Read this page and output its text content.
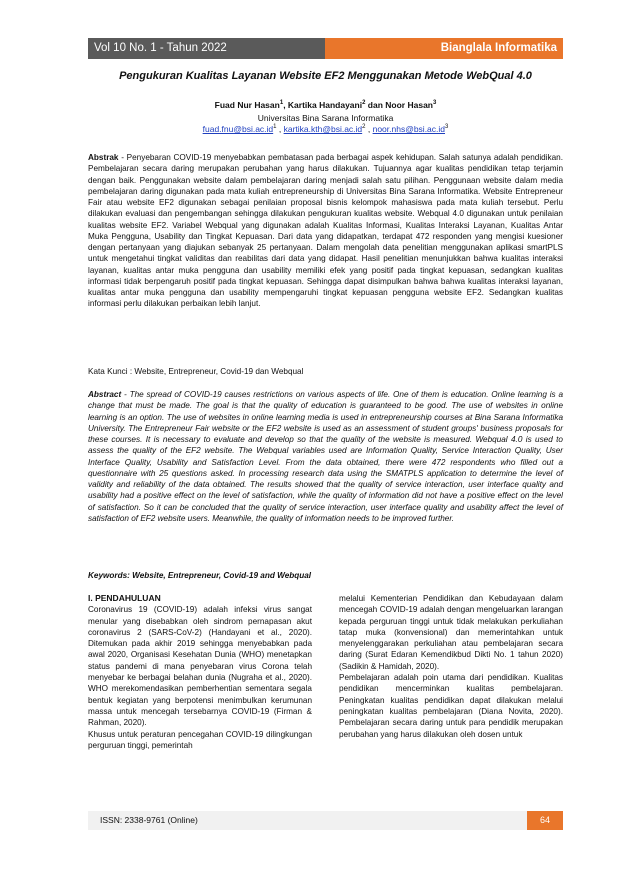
Vol 10 No. 1 - Tahun 2022	Bianglala Informatika
Pengukuran Kualitas Layanan Website EF2 Menggunakan Metode WebQual 4.0
Fuad Nur Hasan$^1$, Kartika Handayani$^2$ dan Noor Hasan$^3$
Universitas Bina Sarana Informatika
$fuad.fnu@bsi.ac.id^1$ , $kartika.kth@bsi.ac.id^2$ , $noor.nhs@bsi.ac.id^3$
Abstrak - Penyebaran COVID-19 menyebabkan pembatasan pada berbagai aspek kehidupan. Salah satunya adalah pendidikan. Pembelajaran secara daring merupakan perubahan yang harus dilakukan. Tujuannya agar kualitas pendidikan tetap terjamin dengan baik. Penggunakan website dalam pembelajaran daring menjadi salah satu pilihan. Penggunaan website dalam media pembelajaran daring digunakan pada mata kuliah entrepreneurship di Universitas Bina Sarana Informatika. Website Entrepreneur Fair atau website EF2 digunakan sebagai penilaian proposal bisnis kelompok mahasiswa pada mata kuliah tersebut. Perlu dilakukan evaluasi dan pengembangan sehingga dilakukan pengukuran kualitas website. Webqual 4.0 digunakan untuk penilaian kualitas website EF2. Variabel Webqual yang digunakan adalah Kualitas Informasi, Kualitas Interaksi Layanan, Kualitas Antar Muka Pengguna, Usability dan Tingkat Kepuasan. Dari data yang didapatkan, terdapat 472 responden yang mengisi kuesioner dengan pertanyaan yang diajukan sebanyak 25 pertanyaan. Dalam mengolah data penelitian menggunakan aplikasi smartPLS untuk mengetahui tingkat validitas dan reabilitas dari data yang didapat. Hasil penelitian menunjukkan bahwa kualitas interaksi layanan, kualitas antar muka pengguna dan usability memiliki efek yang positif pada tingkat kepuasan, sedangkan kualitas informasi tidak berpengaruh positif pada tingkat kepuasan. Sehingga dapat disimpulkan bahwa bahwa kualitas interaksi layanan, kualitas antar muka pengguna dan usability mempengaruhi tingkat kepuasan pengguna website EF2. Sedangkan kualitas informasi perlu dilakukan perbaikan lebih lanjut.
Kata Kunci : Website, Entrepreneur, Covid-19 dan Webqual
Abstract - The spread of COVID-19 causes restrictions on various aspects of life. One of them is education. Online learning is a change that must be made. The goal is that the quality of education is guaranteed to be good. The use of websites in online learning is an option. The use of websites in online learning media is used in entrepreneurship courses at Bina Sarana Informatika University. The Entrepreneur Fair website or the EF2 website is used as an assessment of student groups' business proposals for these courses. It is necessary to evaluate and develop so that the quality of the website is measured. Webqual 4.0 is used to assess the quality of the EF2 website. The Webqual variables used are Information Quality, Service Interaction Quality, User Interface Quality, Usability and Satisfaction Level. From the data obtained, there were 472 respondents who filled out a questionnaire with 25 questions asked. In processing research data using the SMATPLS application to determine the level of validity and reliability of the data obtained. The results showed that the quality of service interaction, user interface quality and usability had a positive effect on the level of satisfaction, while the quality of information did not have a positive effect on the level of satisfaction. So it can be concluded that the quality of service interaction, user interface quality and usability affect the level of satisfaction of EF2 website users. Meanwhile, the quality of information needs to be improved further.
Keywords: Website, Entrepreneur, Covid-19 and Webqual

I. PENDAHULUAN

Coronavirus 19 (COVID-19) adalah infeksi virus sangat menular yang disebabkan oleh sindrom pernapasan akut coronavirus 2 (SARS-CoV-2) (Handayani et al., 2020). Ditemukan pada akhir 2019 sehingga menyebabkan pada awal 2020, Organisasi Kesehatan Dunia (WHO) menetapkan status pandemi di mana penyebaran virus Corona telah menyebar ke berbagai belahan dunia (Nugraha et al., 2020). WHO merekomendasikan pemberhentian sementara segala bentuk kegiatan yang berpotensi menimbulkan kerumunan massa untuk mencegah tersebarnya COVID-19 (Firman & Rahman, 2020).

Khusus untuk peraturan pencegahan COVID-19 dilingkungan perguruan tinggi, pemerintah

melalui Kementerian Pendidikan dan Kebudayaan dalam mencegah COVID-19 adalah dengan mengeluarkan larangan kepada perguruan tinggi untuk tidak melakukan perkuliahan tatap muka (konvensional) dan memerintahkan untuk menyelenggarakan perkuliahan atau pembelajaran secara daring (Surat Edaran Kemendikbud Dikti No. 1 tahun 2020) (Sadikin & Hamidah, 2020).

Pembelajaran adalah poin utama dari pendidikan. Kualitas pendidikan mencerminkan kualitas pembelajaran. Peningkatan kualitas pendidikan dapat dilakukan melalui peningkatan kualitas pembelajaran (Diana Novita, 2020). Pembelajaran secara daring untuk para pendidik merupakan perubahan yang harus dilakukan oleh dosen untuk

ISSN: 2338-9761 (Online)	64
